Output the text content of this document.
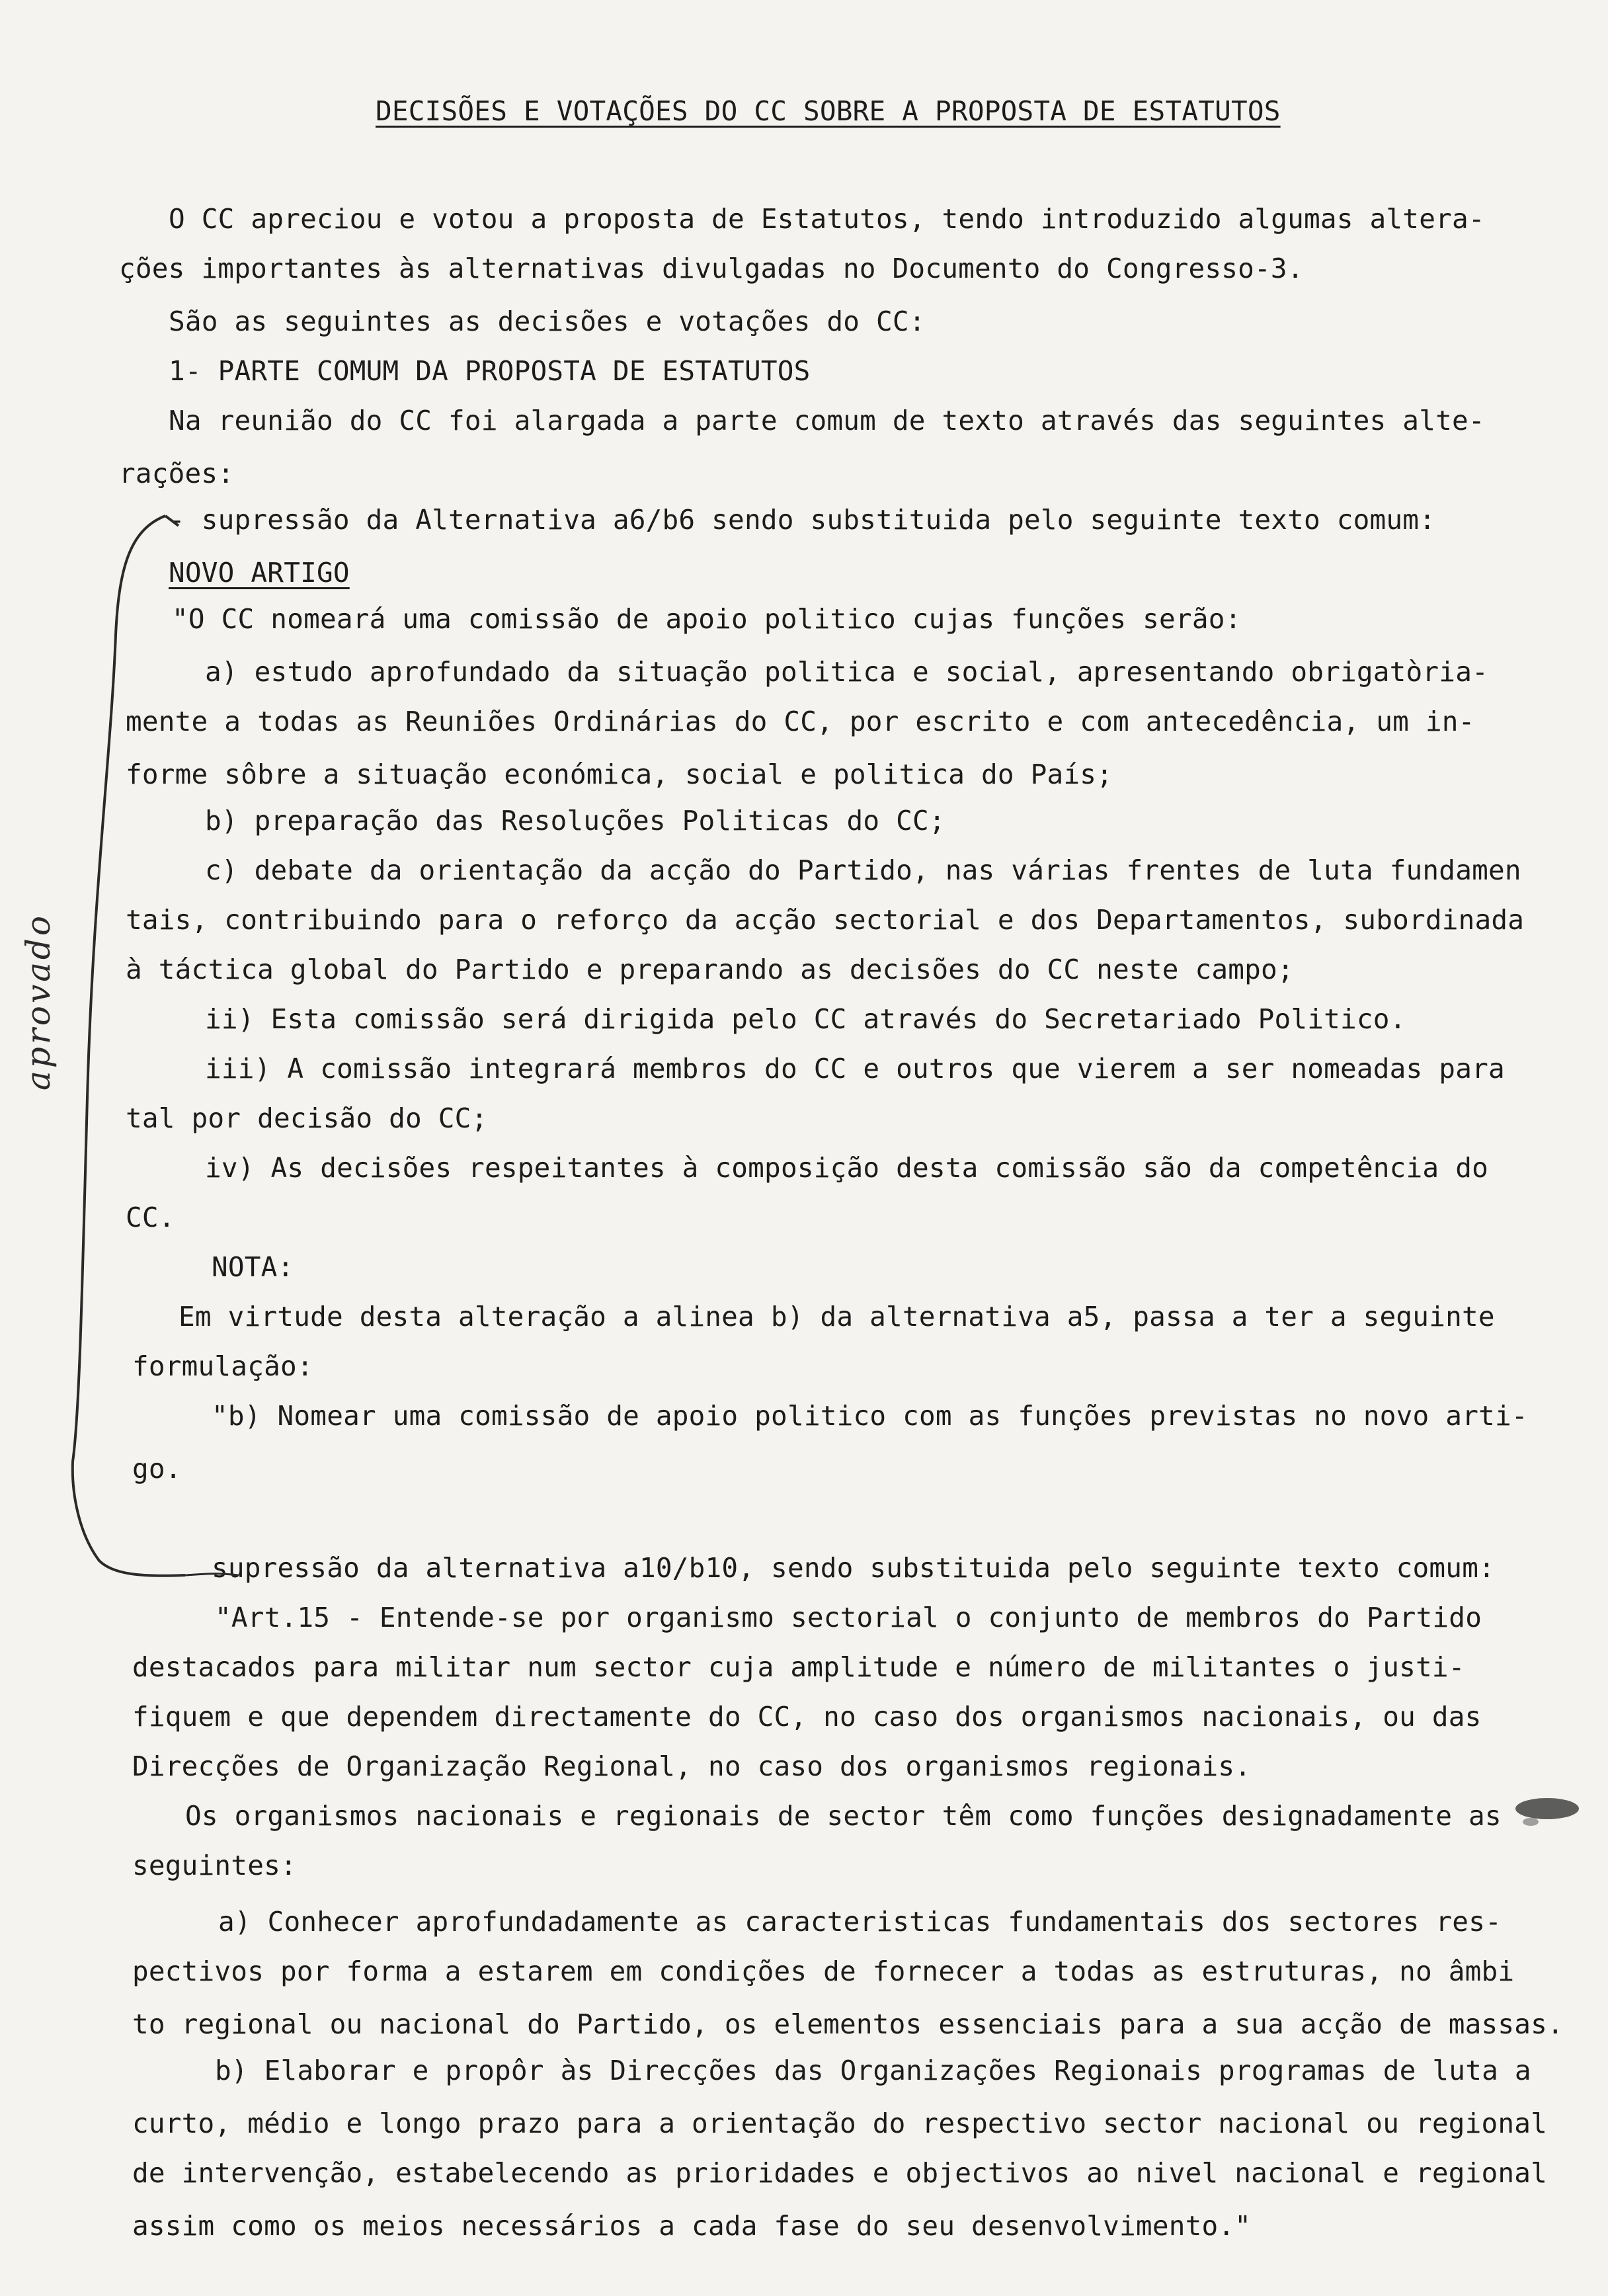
DECISÕES E VOTAÇÕES DO CC SOBRE A PROPOSTA DE ESTATUTOS
O CC apreciou e votou a proposta de Estatutos, tendo introduzido algumas altera-
ções importantes às alternativas divulgadas no Documento do Congresso-3.
São as seguintes as decisões e votações do CC:
1- PARTE COMUM DA PROPOSTA DE ESTATUTOS
Na reunião do CC foi alargada a parte comum de texto através das seguintes alte-
rações:
- supressão da Alternativa a6/b6 sendo substituida pelo seguinte texto comum:
NOVO ARTIGO
"O CC nomeará uma comissão de apoio politico cujas funções serão:
a) estudo aprofundado da situação politica e social, apresentando obrigatòria-
mente a todas as Reuniões Ordinárias do CC, por escrito e com antecedência, um in-
forme sôbre a situação económica, social e politica do País;
b) preparação das Resoluções Politicas do CC;
c) debate da orientação da acção do Partido, nas várias frentes de luta fundamen
tais, contribuindo para o reforço da acção sectorial e dos Departamentos, subordinada
à táctica global do Partido e preparando as decisões do CC neste campo;
ii) Esta comissão será dirigida pelo CC através do Secretariado Politico.
iii) A comissão integrará membros do CC e outros que vierem a ser nomeadas para
tal por decisão do CC;
iv) As decisões respeitantes à composição desta comissão são da competência do
CC.
NOTA:
Em virtude desta alteração a alinea b) da alternativa a5, passa a ter a seguinte
formulação:
"b) Nomear uma comissão de apoio politico com as funções previstas no novo arti-
go.
supressão da alternativa a10/b10, sendo substituida pelo seguinte texto comum:
"Art.15 - Entende-se por organismo sectorial o conjunto de membros do Partido
destacados para militar num sector cuja amplitude e número de militantes o justi-
fiquem e que dependem directamente do CC, no caso dos organismos nacionais, ou das
Direcções de Organização Regional, no caso dos organismos regionais.
Os organismos nacionais e regionais de sector têm como funções designadamente as
seguintes:
a) Conhecer aprofundadamente as caracteristicas fundamentais dos sectores res-
pectivos por forma a estarem em condições de fornecer a todas as estruturas, no âmbi
to regional ou nacional do Partido, os elementos essenciais para a sua acção de massas.
b) Elaborar e propôr às Direcções das Organizações Regionais programas de luta a
curto, médio e longo prazo para a orientação do respectivo sector nacional ou regional
de intervenção, estabelecendo as prioridades e objectivos ao nivel nacional e regional
assim como os meios necessários a cada fase do seu desenvolvimento."
aprovado
